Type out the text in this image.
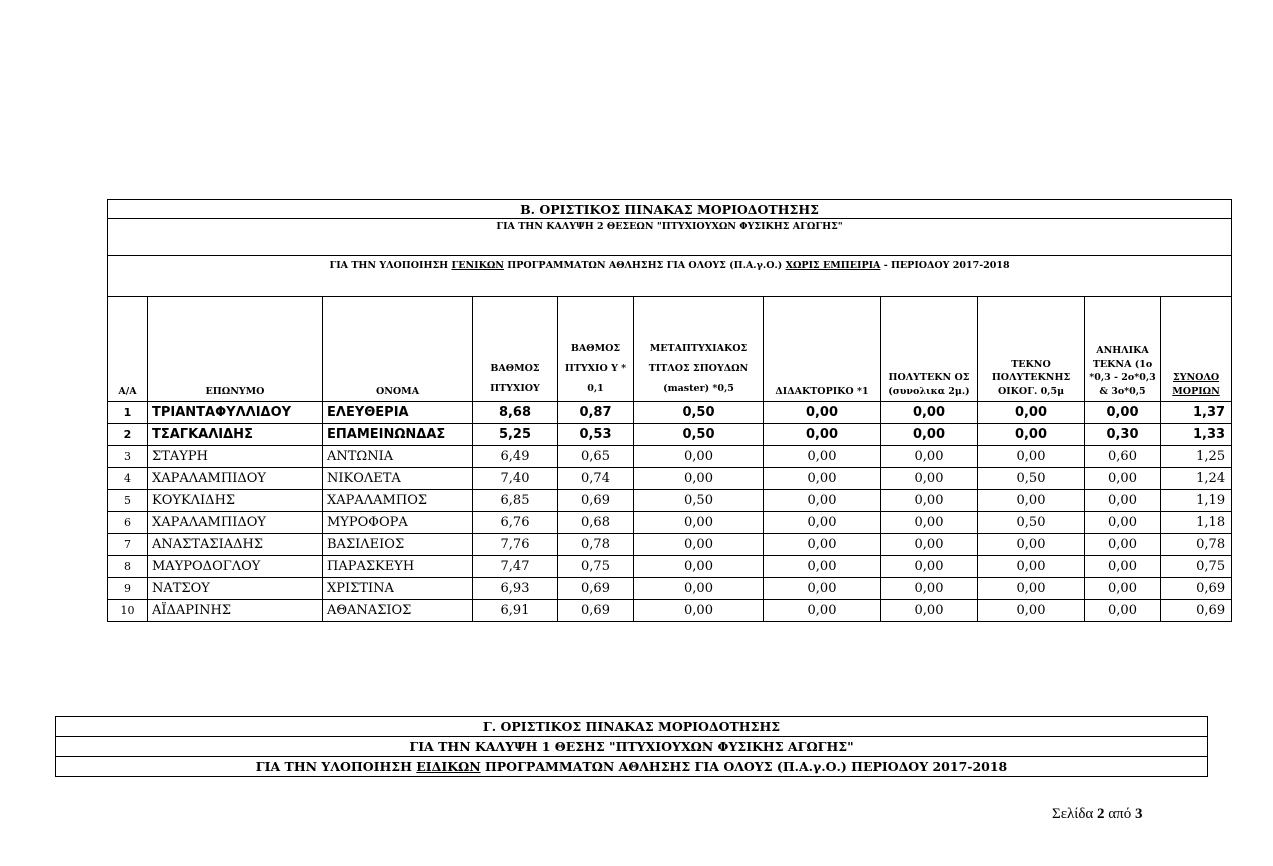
Β. ΟΡΙΣΤΙΚΟΣ ΠΙΝΑΚΑΣ ΜΟΡΙΟΔΟΤΗΣΗΣ										
ΓΙΑ ΤΗΝ ΚΑΛΥΨΗ 2 ΘΕΣΕΩΝ "ΠΤΥΧΙΟΥΧΩΝ ΦΥΣΙΚΗΣ ΑΓΩΓΗΣ"										
ΓΙΑ ΤΗΝ ΥΛΟΠΟΙΗΣΗ ΓΕΝΙΚΩΝ ΠΡΟΓΡΑΜΜΑΤΩΝ ΑΘΛΗΣΗΣ ΓΙΑ ΟΛΟΥΣ (Π.Α.γ.Ο.) ΧΩΡΙΣ ΕΜΠΕΙΡΙΑ - ΠΕΡΙΟΔΟΥ 2017-2018										
Α/Α	ΕΠΩΝΥΜΟ	ΟΝΟΜΑ	ΒΑΘΜΟΣ ΠΤΥΧΙΟΥ	ΒΑΘΜΟΣ ΠΤΥΧΙΟ Υ * 0,1	ΜΕΤΑΠΤΥΧΙΑΚΟΣ ΤΙΤΛΟΣ ΣΠΟΥΔΩΝ (master) *0,5	ΔΙΔΑΚΤΟΡΙΚΟ *1	ΠΟΛΥΤΕΚΝ ΟΣ (συνολικα 2μ.)	ΤΕΚΝΟ ΠΟΛΥΤΕΚΝΗΣ ΟΙΚΟΓ. 0,5μ	ΑΝΗΛΙΚΑ ΤΕΚΝΑ (1ο *0,3 - 2ο*0,3 & 3ο*0,5	ΣΥΝΟΛΟ ΜΟΡΙΩΝ
1	ΤΡΙΑΝΤΑΦΥΛΛΙΔΟΥ	ΕΛΕΥΘΕΡΙΑ	8,68	0,87	0,50	0,00	0,00	0,00	0,00	1,37
2	ΤΣΑΓΚΑΛΙΔΗΣ	ΕΠΑΜΕΙΝΩΝΔΑΣ	5,25	0,53	0,50	0,00	0,00	0,00	0,30	1,33
3	ΣΤΑΥΡΗ	ΑΝΤΩΝΙΑ	6,49	0,65	0,00	0,00	0,00	0,00	0,60	1,25
4	ΧΑΡΑΛΑΜΠΙΔΟΥ	ΝΙΚΟΛΕΤΑ	7,40	0,74	0,00	0,00	0,00	0,50	0,00	1,24
5	ΚΟΥΚΛΙΔΗΣ	ΧΑΡΑΛΑΜΠΟΣ	6,85	0,69	0,50	0,00	0,00	0,00	0,00	1,19
6	ΧΑΡΑΛΑΜΠΙΔΟΥ	ΜΥΡΟΦΟΡΑ	6,76	0,68	0,00	0,00	0,00	0,50	0,00	1,18
7	ΑΝΑΣΤΑΣΙΑΔΗΣ	ΒΑΣΙΛΕΙΟΣ	7,76	0,78	0,00	0,00	0,00	0,00	0,00	0,78
8	ΜΑΥΡΟΔΟΓΛΟΥ	ΠΑΡΑΣΚΕΥΗ	7,47	0,75	0,00	0,00	0,00	0,00	0,00	0,75
9	ΝΑΤΣΟΥ	ΧΡΙΣΤΙΝΑ	6,93	0,69	0,00	0,00	0,00	0,00	0,00	0,69
10	ΑΪΔΑΡΙΝΗΣ	ΑΘΑΝΑΣΙΟΣ	6,91	0,69	0,00	0,00	0,00	0,00	0,00	0,69
Γ. ΟΡΙΣΤΙΚΟΣ ΠΙΝΑΚΑΣ ΜΟΡΙΟΔΟΤΗΣΗΣ
ΓΙΑ ΤΗΝ ΚΑΛΥΨΗ 1 ΘΕΣΗΣ "ΠΤΥΧΙΟΥΧΩΝ ΦΥΣΙΚΗΣ ΑΓΩΓΗΣ"
ΓΙΑ ΤΗΝ ΥΛΟΠΟΙΗΣΗ ΕΙΔΙΚΩΝ ΠΡΟΓΡΑΜΜΑΤΩΝ ΑΘΛΗΣΗΣ ΓΙΑ ΟΛΟΥΣ (Π.Α.γ.Ο.) ΠΕΡΙΟΔΟΥ 2017-2018
Σελίδα 2 από 3
